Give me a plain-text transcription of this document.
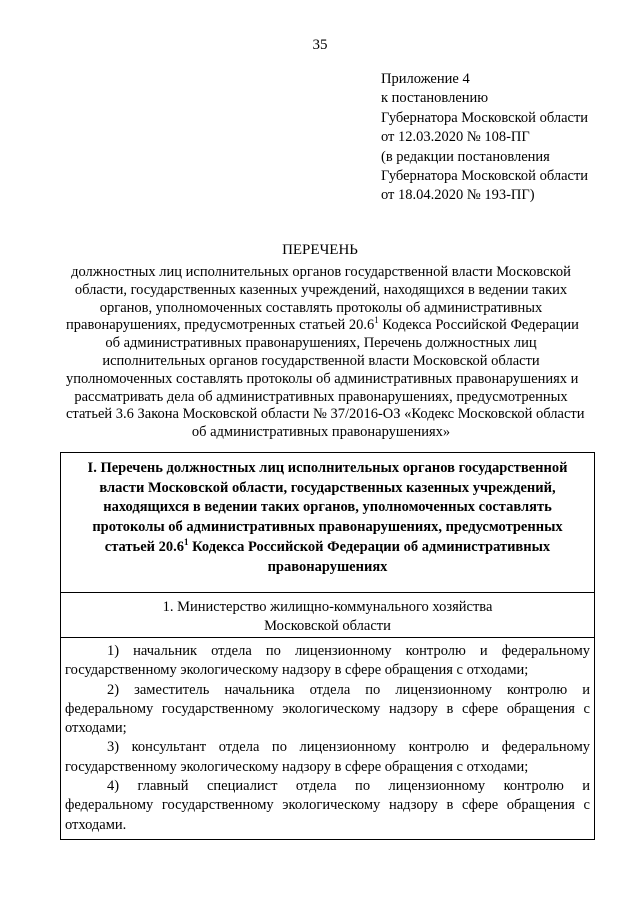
35
Приложение 4
к постановлению
Губернатора Московской области
от 12.03.2020 № 108-ПГ
(в редакции постановления
Губернатора Московской области
от 18.04.2020 № 193-ПГ)
ПЕРЕЧЕНЬ
должностных лиц исполнительных органов государственной власти Московской
области, государственных казенных учреждений, находящихся в ведении таких
органов, уполномоченных составлять протоколы об административных
правонарушениях, предусмотренных статьей 20.6$^1$ Кодекса Российской Федерации
об административных правонарушениях, Перечень должностных лиц
исполнительных органов государственной власти Московской области
уполномоченных составлять протоколы об административных правонарушениях и
рассматривать дела об административных правонарушениях, предусмотренных
статьей 3.6 Закона Московской области № 37/2016-ОЗ «Кодекс Московской области
об административных правонарушениях»
I. Перечень должностных лиц исполнительных органов государственной
власти Московской области, государственных казенных учреждений,
находящихся в ведении таких органов, уполномоченных составлять
протоколы об административных правонарушениях, предусмотренных
статьей 20.6$^1$ Кодекса Российской Федерации об административных
правонарушениях
1. Министерство жилищно-коммунального хозяйства
Московской области
1) начальник отдела по лицензионному контролю и федеральному
государственному экологическому надзору в сфере обращения с отходами;
2) заместитель начальника отдела по лицензионному контролю и
федеральному государственному экологическому надзору в сфере обращения с
отходами;
3) консультант отдела по лицензионному контролю и федеральному
государственному экологическому надзору в сфере обращения с отходами;
4) главный специалист отдела по лицензионному контролю и
федеральному государственному экологическому надзору в сфере обращения с
отходами.
